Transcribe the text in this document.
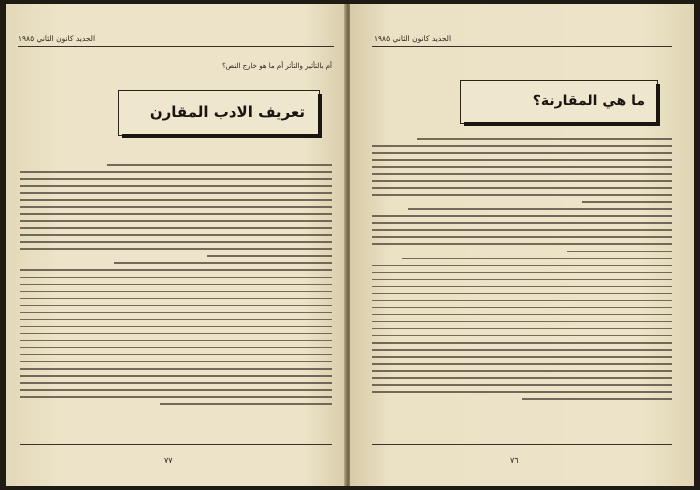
الجديد كانون الثاني ١٩٨٥
أم بالتأثير والتأثر أم ما هو خارج النص؟
تعريف الادب المقارن
٧٧
الجديد كانون الثاني ١٩٨٥
ما هي المقارنة؟
٧٦
